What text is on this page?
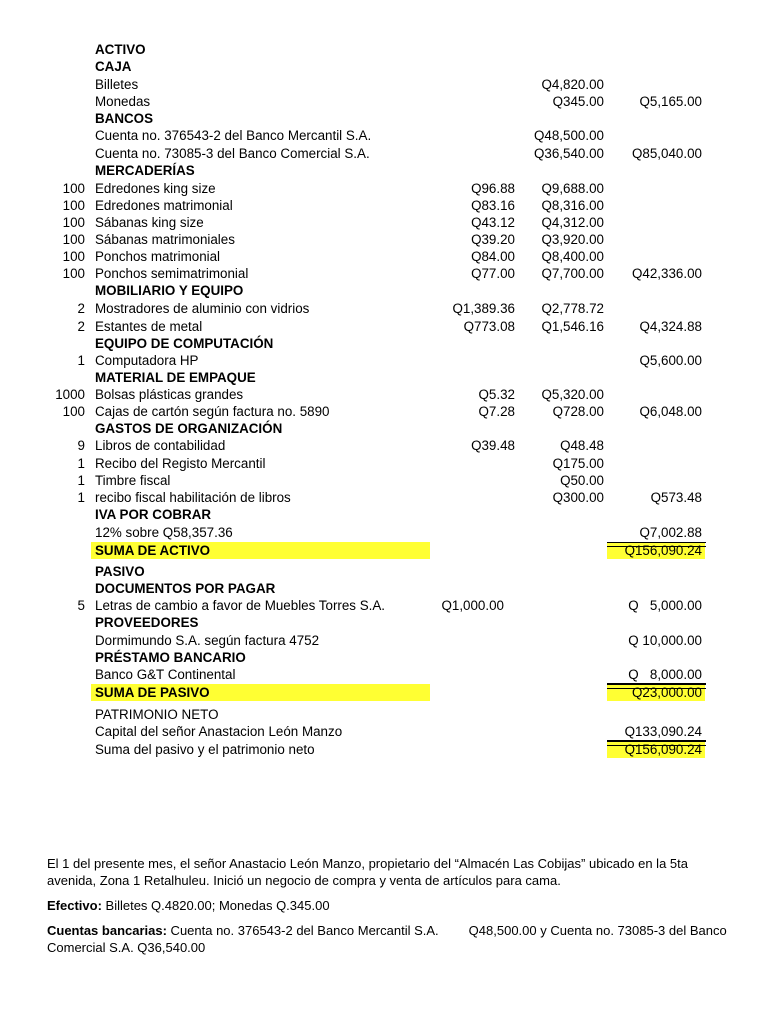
ACTIVO
CAJA
Billetes	Q4,820.00
Monedas	Q345.00	Q5,165.00
BANCOS
Cuenta no. 376543-2 del Banco Mercantil S.A.	Q48,500.00
Cuenta no. 73085-3 del Banco Comercial S.A.	Q36,540.00 Q85,040.00
MERCADERÍAS
100 Edredones king size	Q96.88 Q9,688.00
100 Edredones matrimonial	Q83.16 Q8,316.00
100 Sábanas king size	Q43.12 Q4,312.00
100 Sábanas matrimoniales	Q39.20 Q3,920.00
100 Ponchos matrimonial	Q84.00 Q8,400.00
100 Ponchos semimatrimonial	Q77.00 Q7,700.00 Q42,336.00
MOBILIARIO Y EQUIPO
2 Mostradores de aluminio con vidrios	Q1,389.36 Q2,778.72
2 Estantes de metal	Q773.08 Q1,546.16	Q4,324.88
EQUIPO DE COMPUTACIÓN
1 Computadora HP	Q5,600.00
MATERIAL DE EMPAQUE
1000 Bolsas plásticas grandes	Q5.32 Q5,320.00
100 Cajas de cartón según factura no. 5890	Q7.28	Q728.00	Q6,048.00
GASTOS DE ORGANIZACIÓN
9 Libros de contabilidad	Q39.48	Q48.48
1 Recibo del Registo Mercantil	Q175.00
1 Timbre fiscal	Q50.00
1 recibo fiscal habilitación de libros	Q300.00	Q573.48
IVA POR COBRAR
12% sobre Q58,357.36	Q7,002.88
SUMA DE ACTIVO	Q156,090.24
PASIVO
DOCUMENTOS POR PAGAR
5 Letras de cambio a favor de Muebles Torres S.A.	Q1,000.00	Q   5,000.00
PROVEEDORES
Dormimundo S.A. según factura 4752	Q 10,000.00
PRÉSTAMO BANCARIO
Banco G&T Continental	Q   8,000.00
SUMA DE PASIVO	Q23,000.00
PATRIMONIO NETO
Capital del señor Anastacion León Manzo	Q133,090.24
Suma del pasivo y el patrimonio neto	Q156,090.24

El 1 del presente mes, el señor Anastacio León Manzo, propietario del “Almacén Las Cobijas” ubicado en la 5ta avenida, Zona 1 Retalhuleu. Inició un negocio de compra y venta de artículos para cama.

Efectivo: Billetes Q.4820.00; Monedas Q.345.00

Cuentas bancarias: Cuenta no. 376543-2 del Banco Mercantil S.A. Q48,500.00 y Cuenta no. 73085-3 del Banco Comercial S.A. Q36,540.00
